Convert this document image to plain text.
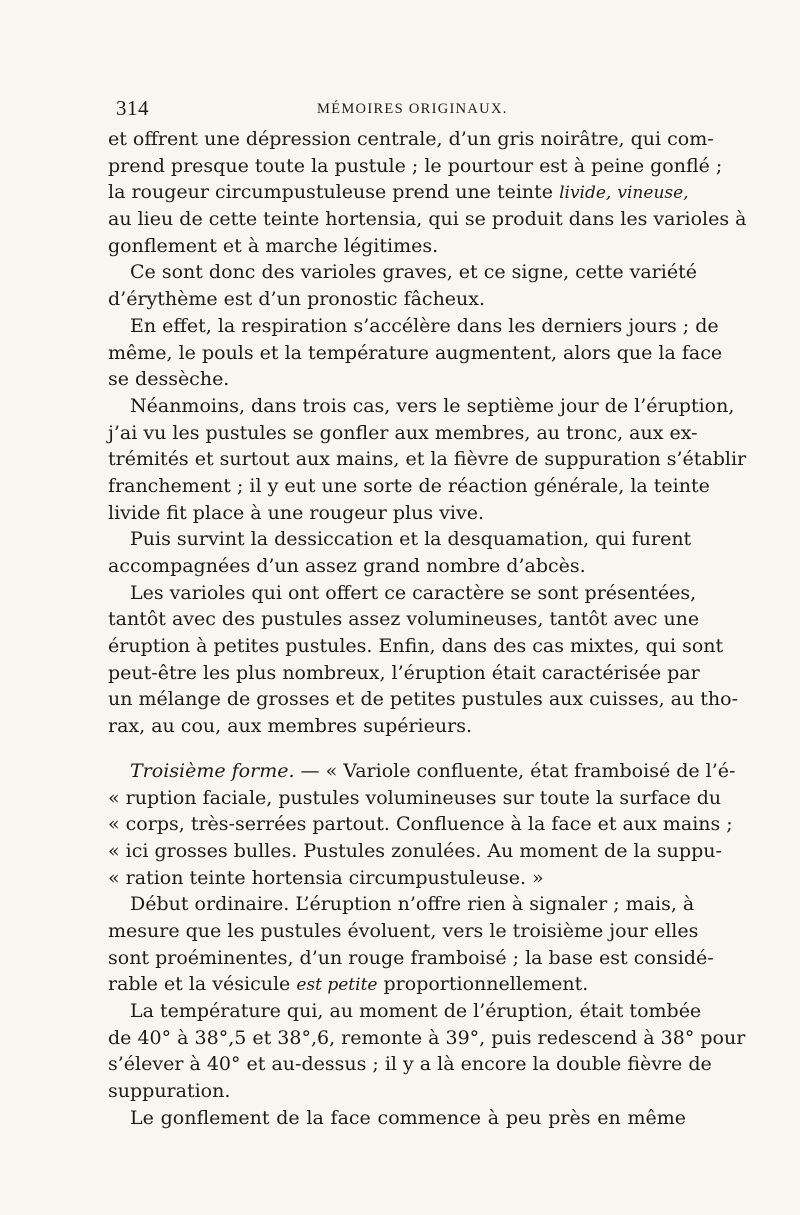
314	MÉMOIRES ORIGINAUX.
et offrent une dépression centrale, d’un gris noirâtre, qui com-
prend presque toute la pustule ; le pourtour est à peine gonflé ;
la rougeur circumpustuleuse prend une teinte livide, vineuse,
au lieu de cette teinte hortensia, qui se produit dans les varioles à
gonflement et à marche légitimes.
Ce sont donc des varioles graves, et ce signe, cette variété
d’érythème est d’un pronostic fâcheux.
En effet, la respiration s’accélère dans les derniers jours ; de
même, le pouls et la température augmentent, alors que la face
se dessèche.
Néanmoins, dans trois cas, vers le septième jour de l’éruption,
j’ai vu les pustules se gonfler aux membres, au tronc, aux ex-
trémités et surtout aux mains, et la fièvre de suppuration s’établir
franchement ; il y eut une sorte de réaction générale, la teinte
livide fit place à une rougeur plus vive.
Puis survint la dessiccation et la desquamation, qui furent
accompagnées d’un assez grand nombre d’abcès.
Les varioles qui ont offert ce caractère se sont présentées,
tantôt avec des pustules assez volumineuses, tantôt avec une
éruption à petites pustules. Enfin, dans des cas mixtes, qui sont
peut-être les plus nombreux, l’éruption était caractérisée par
un mélange de grosses et de petites pustules aux cuisses, au tho-
rax, au cou, aux membres supérieurs.
Troisième forme. — « Variole confluente, état framboisé de l’é-
« ruption faciale, pustules volumineuses sur toute la surface du
« corps, très-serrées partout. Confluence à la face et aux mains ;
« ici grosses bulles. Pustules zonulées. Au moment de la suppu-
« ration teinte hortensia circumpustuleuse. »
Début ordinaire. L’éruption n’offre rien à signaler ; mais, à
mesure que les pustules évoluent, vers le troisième jour elles
sont proéminentes, d’un rouge framboisé ; la base est considé-
rable et la vésicule est petite proportionnellement.
La température qui, au moment de l’éruption, était tombée
de 40° à 38°,5 et 38°,6, remonte à 39°, puis redescend à 38° pour
s’élever à 40° et au-dessus ; il y a là encore la double fièvre de
suppuration.
Le gonflement de la face commence à peu près en même
